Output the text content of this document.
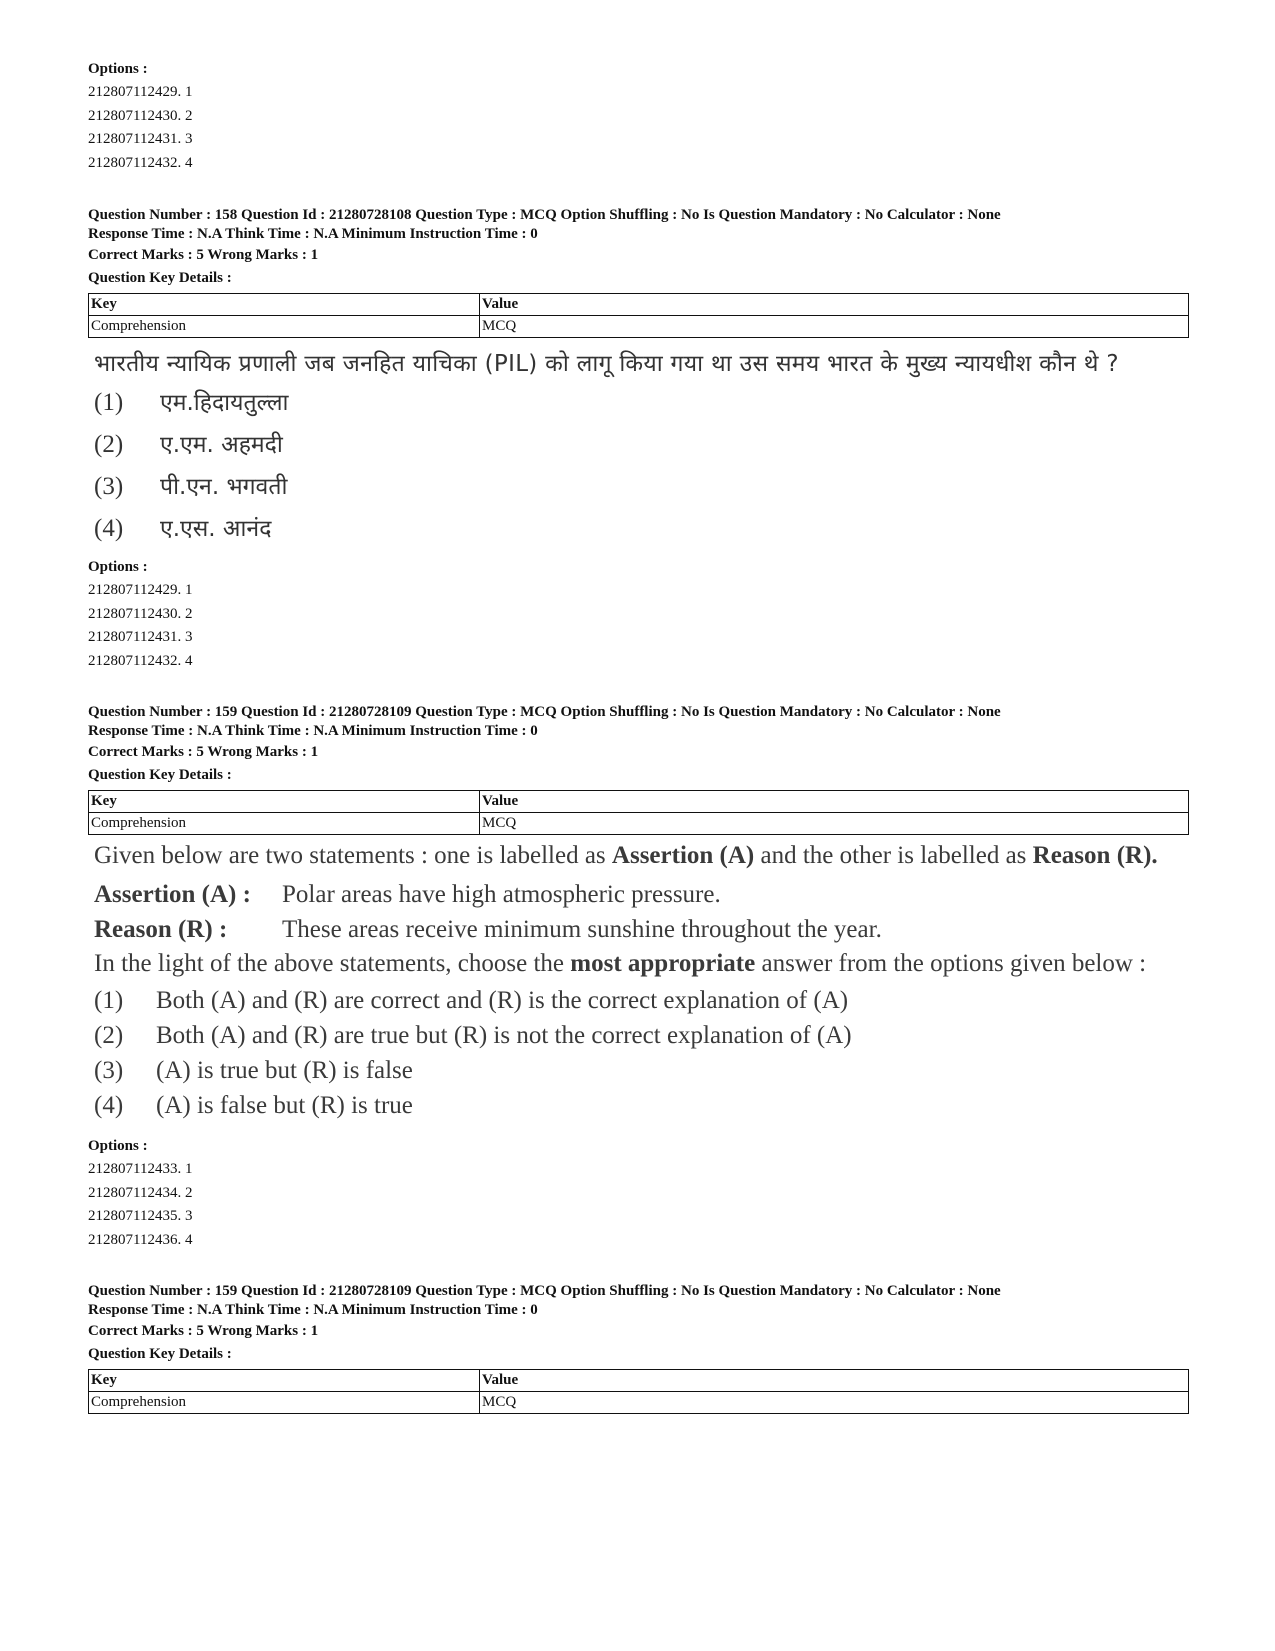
Options :
212807112429. 1
212807112430. 2
212807112431. 3
212807112432. 4
Question Number : 158 Question Id : 21280728108 Question Type : MCQ Option Shuffling : No Is Question Mandatory : No Calculator : None
Response Time : N.A Think Time : N.A Minimum Instruction Time : 0
Correct Marks : 5 Wrong Marks : 1
Question Key Details :
Key	Value
Comprehension	MCQ
भारतीय न्यायिक प्रणाली जब जनहित याचिका (PIL) को लागू किया गया था उस समय भारत के मुख्य न्यायधीश कौन थे ?
(1)	एम.हिदायतुल्ला
(2)	ए.एम. अहमदी
(3)	पी.एन. भगवती
(4)	ए.एस. आनंद
Options :
212807112429. 1
212807112430. 2
212807112431. 3
212807112432. 4
Question Number : 159 Question Id : 21280728109 Question Type : MCQ Option Shuffling : No Is Question Mandatory : No Calculator : None
Response Time : N.A Think Time : N.A Minimum Instruction Time : 0
Correct Marks : 5 Wrong Marks : 1
Question Key Details :
Key	Value
Comprehension	MCQ

Given below are two statements : one is labelled as Assertion (A) and the other is labelled as Reason (R).

Assertion (A) :	Polar areas have high atmospheric pressure.
Reason (R) :	These areas receive minimum sunshine throughout the year.

In the light of the above statements, choose the most appropriate answer from the options given below :

(1)	Both (A) and (R) are correct and (R) is the correct explanation of (A)
(2)	Both (A) and (R) are true but (R) is not the correct explanation of (A)
(3)	(A) is true but (R) is false
(4)	(A) is false but (R) is true
Options :
212807112433. 1
212807112434. 2
212807112435. 3
212807112436. 4
Question Number : 159 Question Id : 21280728109 Question Type : MCQ Option Shuffling : No Is Question Mandatory : No Calculator : None
Response Time : N.A Think Time : N.A Minimum Instruction Time : 0
Correct Marks : 5 Wrong Marks : 1
Question Key Details :
Key	Value
Comprehension	MCQ
